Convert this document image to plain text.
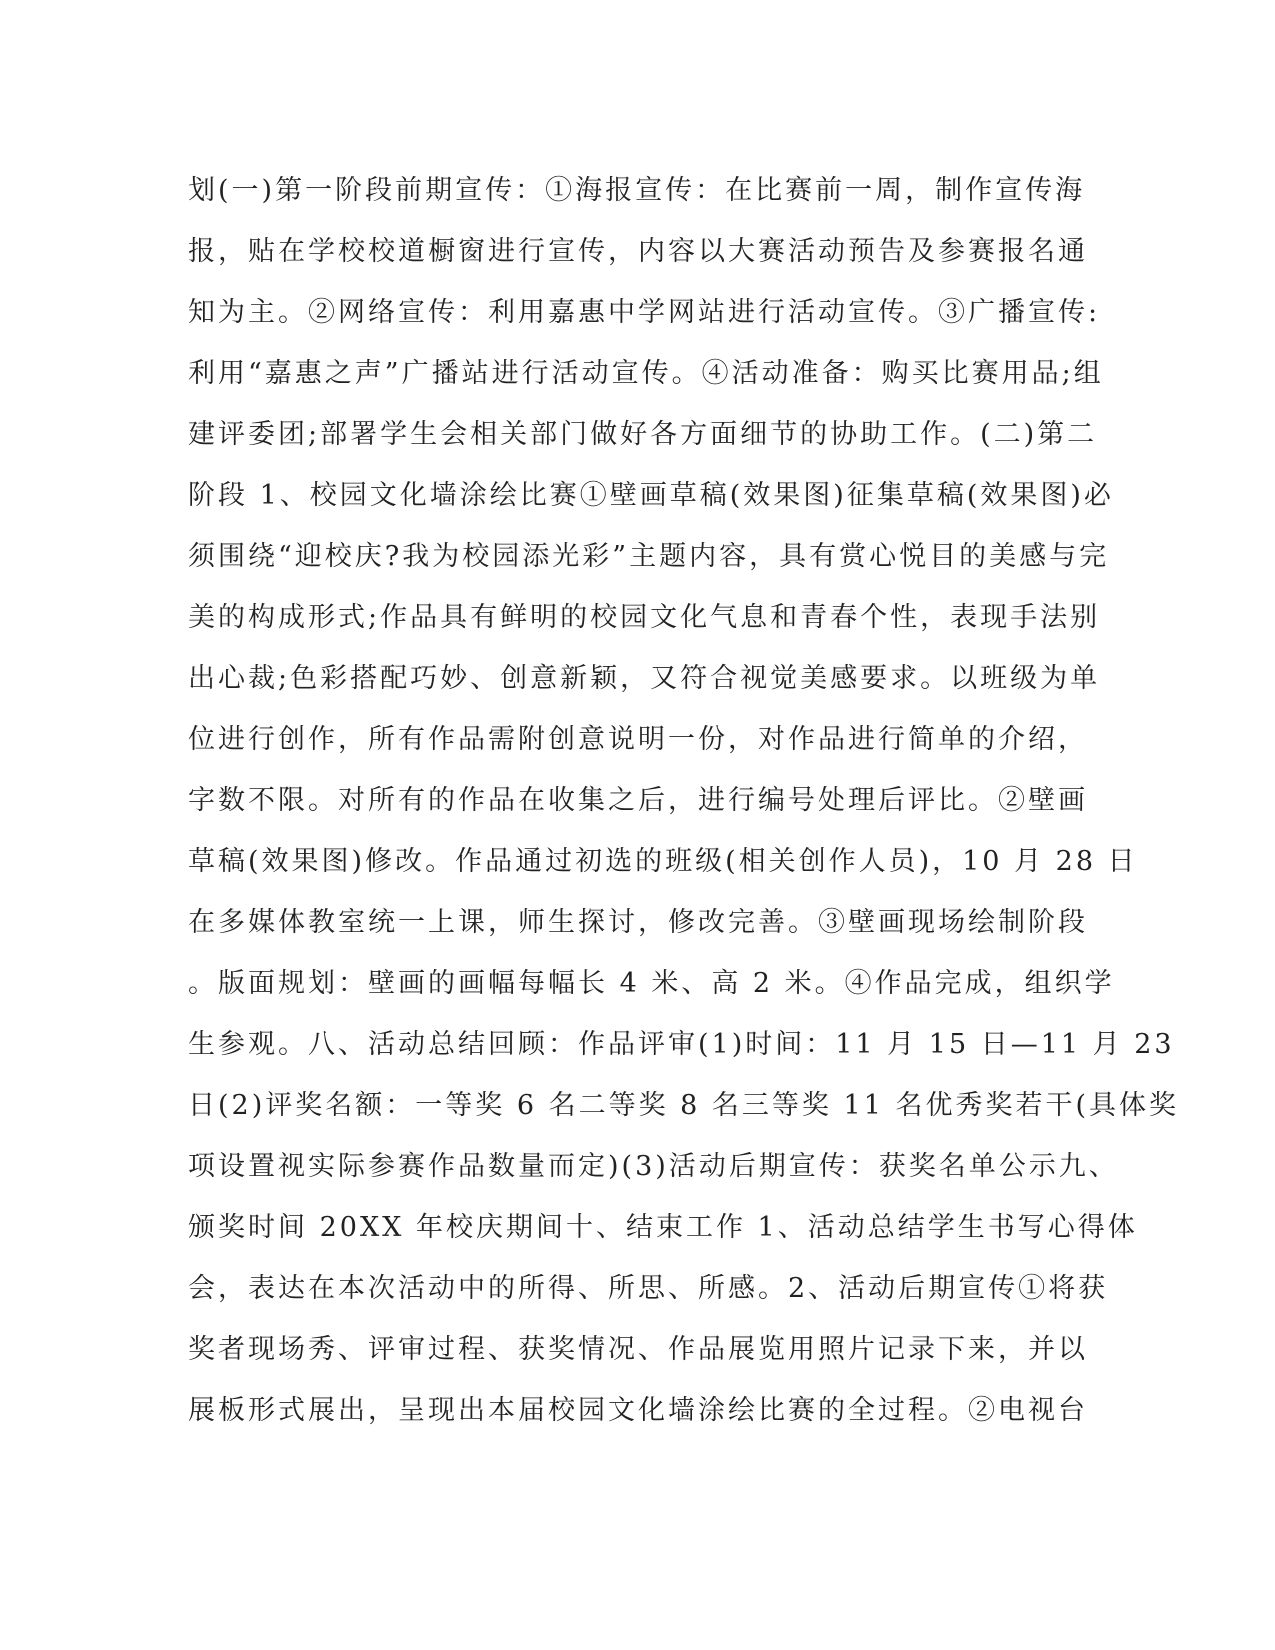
划(一)第一阶段前期宣传：①海报宣传：在比赛前一周，制作宣传海
报，贴在学校校道橱窗进行宣传，内容以大赛活动预告及参赛报名通
知为主。②网络宣传：利用嘉惠中学网站进行活动宣传。③广播宣传:
利用“嘉惠之声”广播站进行活动宣传。④活动准备：购买比赛用品;组
建评委团;部署学生会相关部门做好各方面细节的协助工作。(二)第二
阶段 1、校园文化墙涂绘比赛①壁画草稿(效果图)征集草稿(效果图)必
须围绕“迎校庆?我为校园添光彩”主题内容，具有赏心悦目的美感与完
美的构成形式;作品具有鲜明的校园文化气息和青春个性，表现手法别
出心裁;色彩搭配巧妙、创意新颖，又符合视觉美感要求。以班级为单
位进行创作，所有作品需附创意说明一份，对作品进行简单的介绍，
字数不限。对所有的作品在收集之后，进行编号处理后评比。②壁画
草稿(效果图)修改。作品通过初选的班级(相关创作人员)，10 月 28 日
在多媒体教室统一上课，师生探讨，修改完善。③壁画现场绘制阶段
。版面规划：壁画的画幅每幅长 4 米、高 2 米。④作品完成，组织学
生参观。八、活动总结回顾：作品评审(1)时间：11 月 15 日—11 月 23
日(2)评奖名额：一等奖 6 名二等奖 8 名三等奖 11 名优秀奖若干(具体奖
项设置视实际参赛作品数量而定)(3)活动后期宣传：获奖名单公示九、
颁奖时间 20XX 年校庆期间十、结束工作 1、活动总结学生书写心得体
会，表达在本次活动中的所得、所思、所感。2、活动后期宣传①将获
奖者现场秀、评审过程、获奖情况、作品展览用照片记录下来，并以
展板形式展出，呈现出本届校园文化墙涂绘比赛的全过程。②电视台
